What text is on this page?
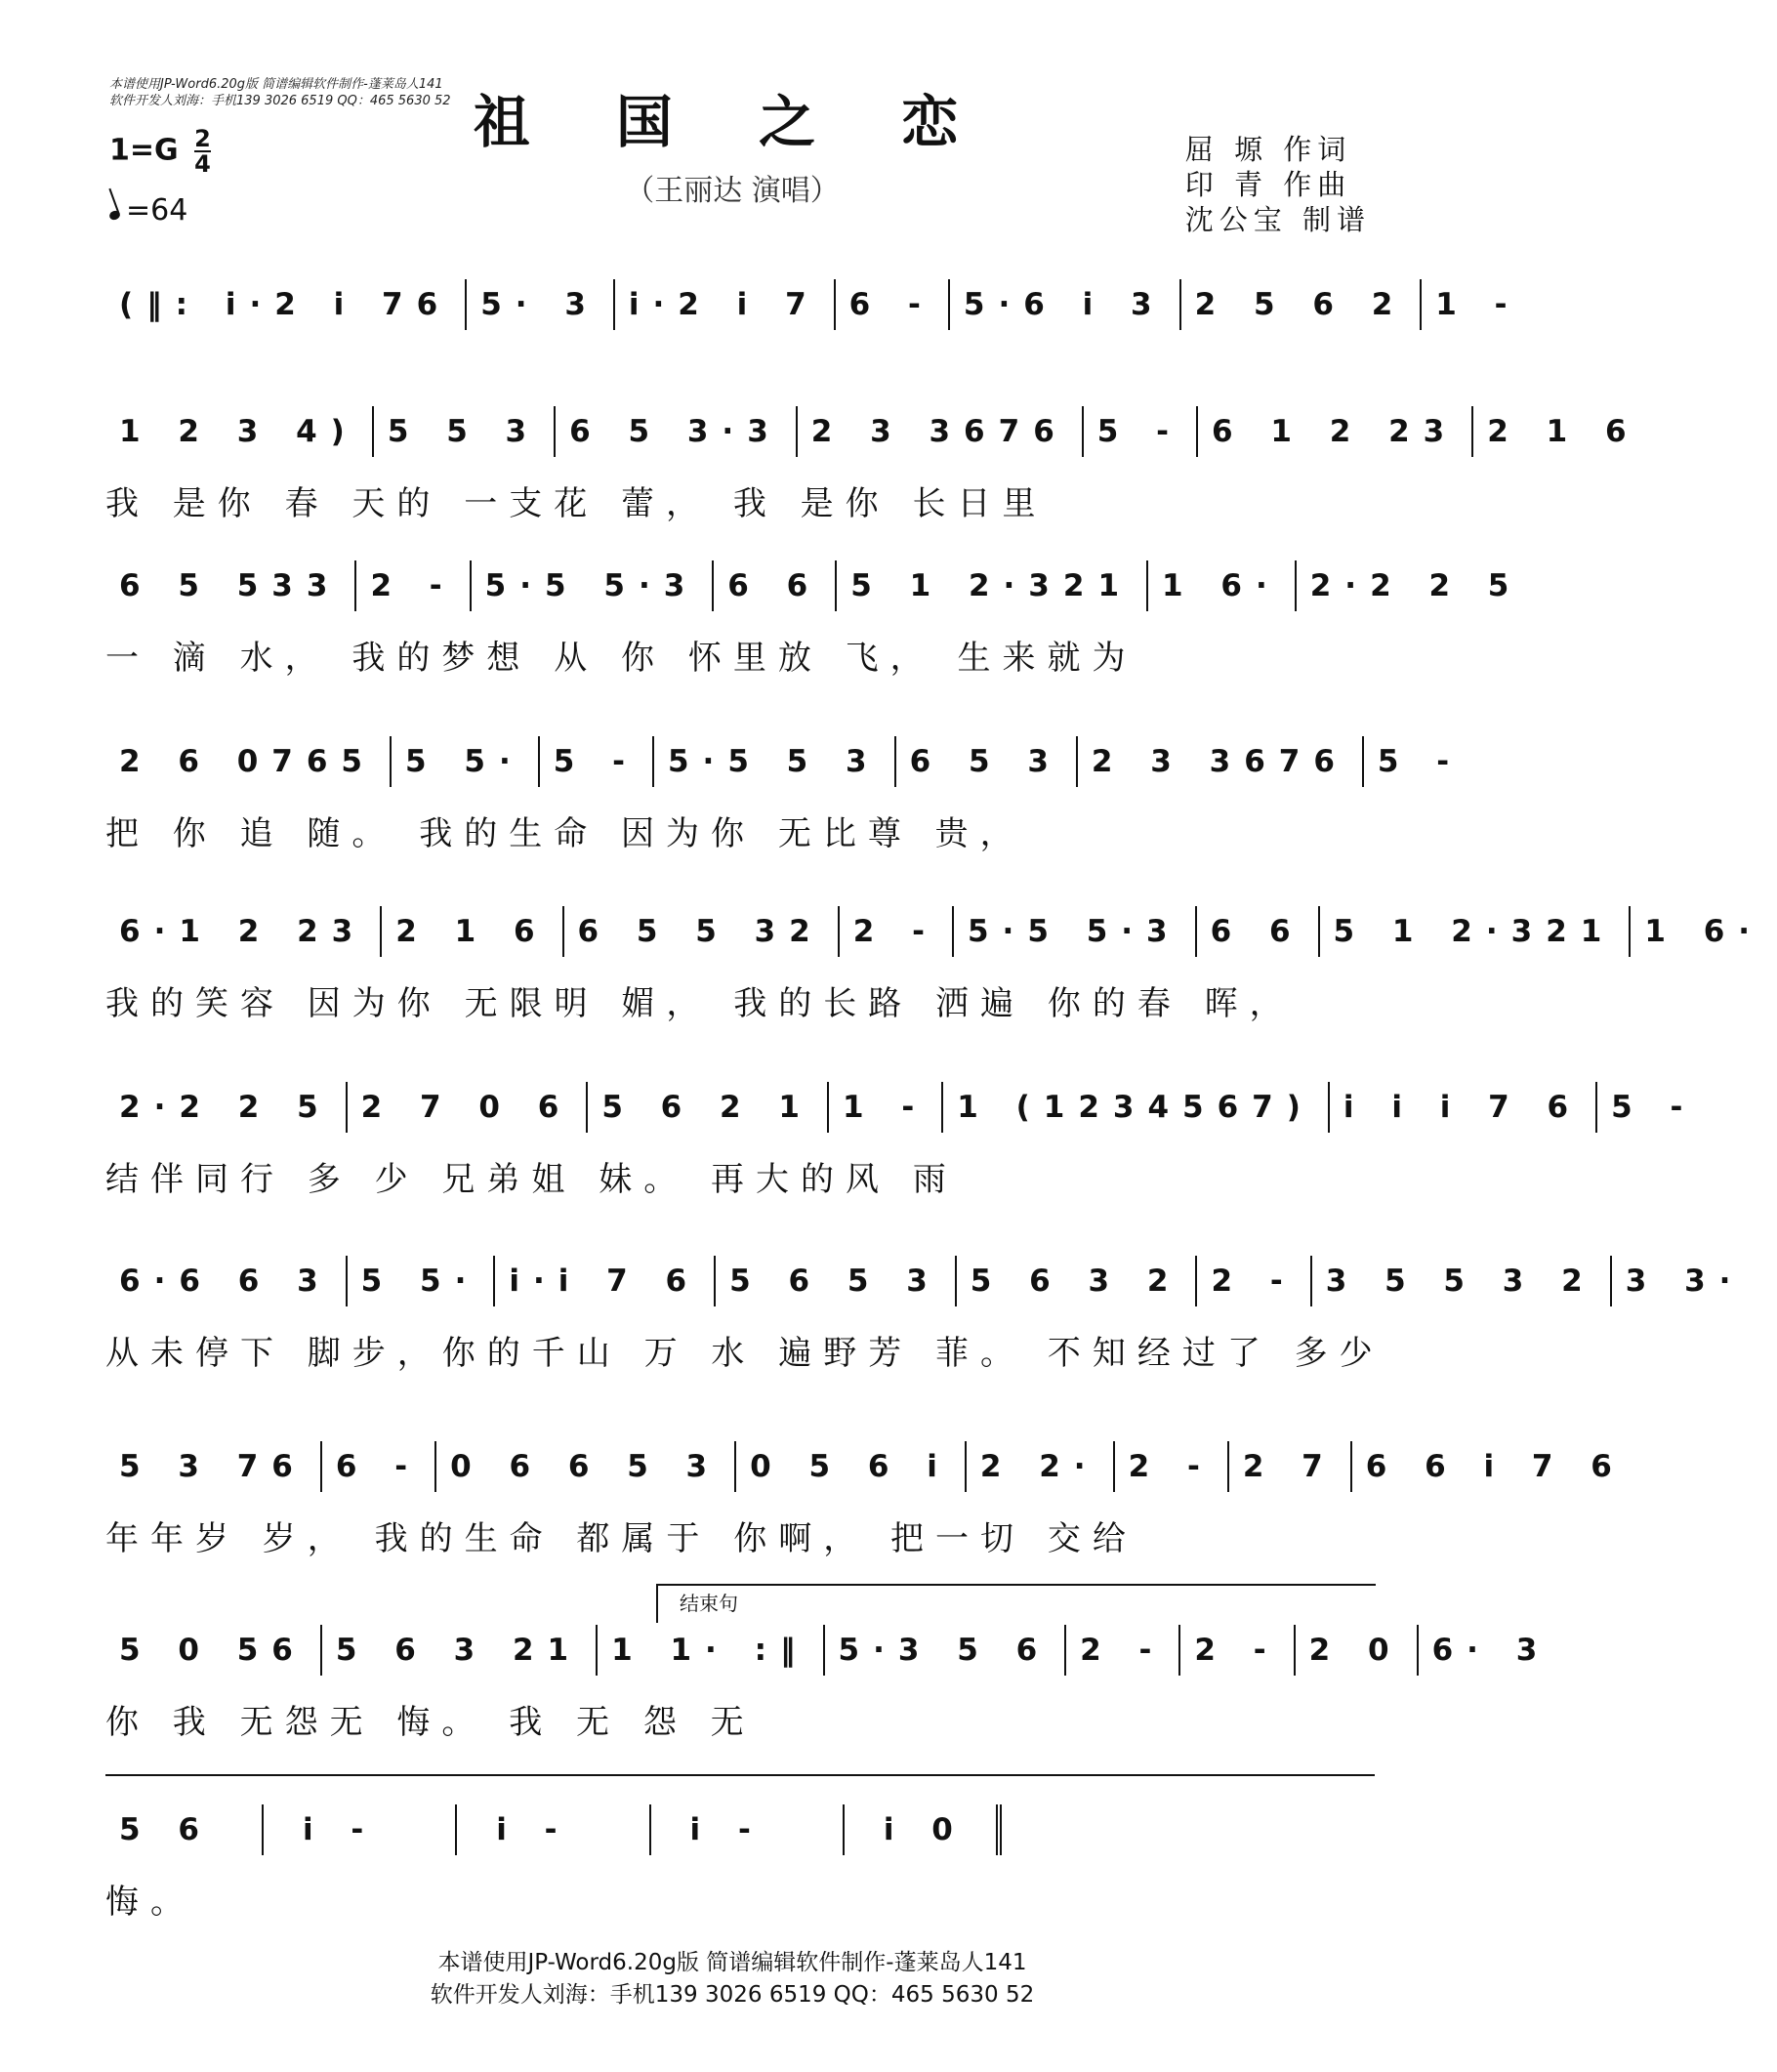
本谱使用JP-Word6.20g版 简谱编辑软件制作-蓬莱岛人141
软件开发人刘海：手机139 3026 6519 QQ：465 5630 52 祖 国 之 恋
（王丽达 演唱）
$1=G \frac{2}{4}$
=64
屈 塬 作词
印 青 作曲
沈公宝 制谱
(‖: i·2 i 76 5· 3 i·2 i 7 6 - 5·6 i 3 2 5 6 2 1 -
1 2 3 4) 5 5 3 6 5 3·3 2 3 3676 5 - 6 1 2 23 2 1 6
我 是你 春 天的 一支花 蕾， 我 是你 长日里
6 5 533 2 - 5·5 5·3 6 6 5 1 2·321 1 6· 2·2 2 5
一 滴 水， 我的梦想 从 你 怀里放 飞， 生来就为
2 6 0765 5 5· 5 - 5·5 5 3 6 5 3 2 3 3676 5 -
把 你 追 随。 我的生命 因为你 无比尊 贵，
6·1 2 23 2 1 6 6 5 5 32 2 - 5·5 5·3 6 6 5 1 2·321 1 6·
我的笑容 因为你 无限明 媚， 我的长路 洒遍 你的春 晖，
2·2 2 5 2 7 0 6 5 6 2 1 1 - 1 (1234567) i i i 7 6 5 -
结伴同行 多 少 兄弟姐 妹。 再大的风 雨
6·6 6 3 5 5· i·i 7 6 5 6 5 3 5 6 3 2 2 - 3 5 5 3 2 3 3·
从未停下 脚步，你的千山 万 水 遍野芳 菲。 不知经过了 多少
5 3 76 6 - 0 6 6 5 3 0 5 6 i 2 2· 2 - 2 7 6 6 i 7 6
年年岁 岁， 我的生命 都属于 你啊， 把一切 交给
结束句
5 0 56 5 6 3 21 1 1· :‖ 5·3 5 6 2 - 2 - 2 0 6· 3
你 我 无怨无 悔。 我 无 怨 无
5 6	i -	i -	i -	i 0
悔。
本谱使用JP-Word6.20g版 简谱编辑软件制作-蓬莱岛人141
软件开发人刘海：手机139 3026 6519 QQ：465 5630 52
